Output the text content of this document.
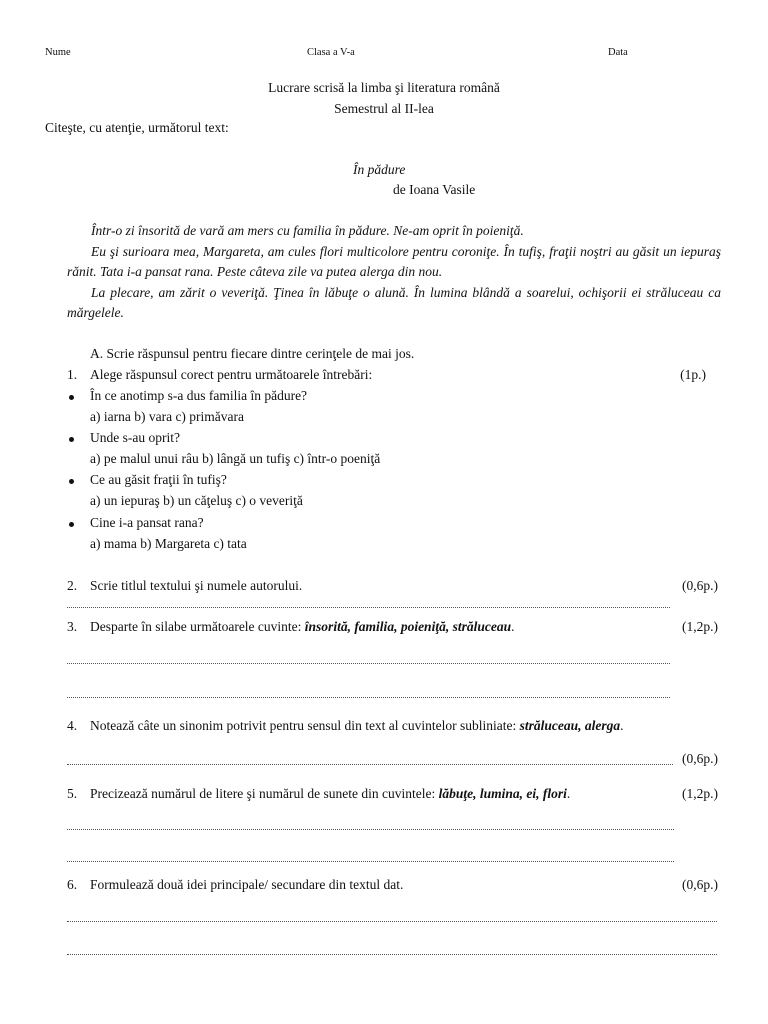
Nume	Clasa a V-a	Data
Lucrare scrisă la limba şi literatura română
Semestrul al II-lea
Citeşte, cu atenţie, următorul text:
În pădure
de Ioana Vasile

Într-o zi însorită de vară am mers cu familia în pădure. Ne-am oprit în poieniţă.

Eu şi surioara mea, Margareta, am cules flori multicolore pentru coroniţe. În tufiş, fraţii noştri au găsit un iepuraş rănit. Tata i-a pansat rana. Peste câteva zile va putea alerga din nou.

La plecare, am zărit o veveriţă. Ţinea în lăbuţe o alună. În lumina blândă a soarelui, ochişorii ei străluceau ca mărgelele.

A. Scrie răspunsul pentru fiecare dintre cerinţele de mai jos.
1. Alege răspunsul corect pentru următoarele întrebări:	(1p.)
În ce anotimp s-a dus familia în pădure?
a) iarna b) vara c) primăvara
Unde s-au oprit?
a) pe malul unui râu b) lângă un tufiş c) într-o poeniţă
Ce au găsit fraţii în tufiş?
a) un iepuraş b) un căţeluş c) o veveriţă
Cine i-a pansat rana?
a) mama b) Margareta c) tata
2. Scrie titlul textului şi numele autorului.	(0,6p.)
3. Desparte în silabe următoarele cuvinte: însorită, familia, poieniţă, străluceau.	(1,2p.)
4. Notează câte un sinonim potrivit pentru sensul din text al cuvintelor subliniate: străluceau, alerga.
(0,6p.)
5. Precizează numărul de litere şi numărul de sunete din cuvintele: lăbuţe, lumina, ei, flori.	(1,2p.)
6. Formulează două idei principale/ secundare din textul dat.	(0,6p.)
